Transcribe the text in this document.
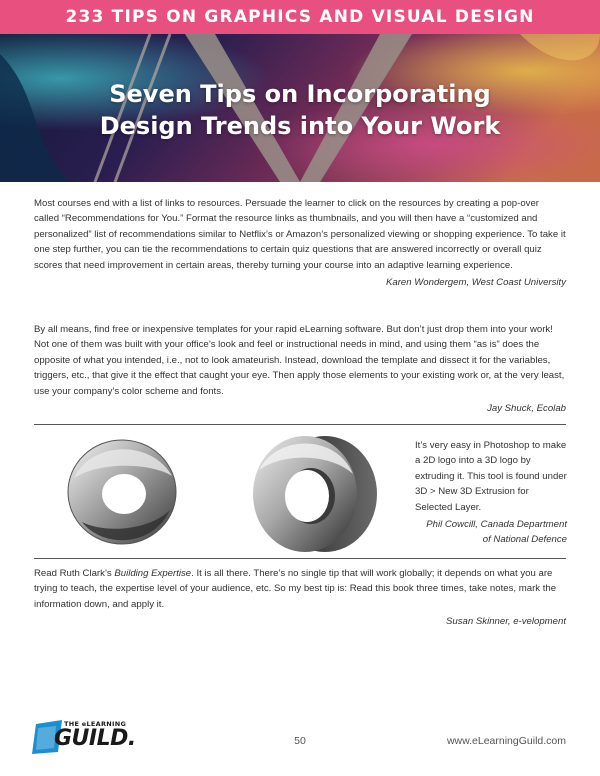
233 TIPS ON GRAPHICS AND VISUAL DESIGN
Seven Tips on Incorporating
Design Trends into Your Work

Most courses end with a list of links to resources. Persuade the learner to click on the resources by creating a pop-over called “Recommendations for You.” Format the resource links as thumbnails, and you will then have a “customized and personalized” list of recommendations similar to Netflix’s or Amazon’s personalized viewing or shopping experience. To take it one step further, you can tie the recommendations to certain quiz questions that are answered incorrectly or overall quiz scores that need improvement in certain areas, thereby turning your course into an adaptive learning experience.

Karen Wondergem, West Coast University

By all means, find free or inexpensive templates for your rapid eLearning software. But don’t just drop them into your work! Not one of them was built with your office’s look and feel or instructional needs in mind, and using them “as is” does the opposite of what you intended, i.e., not to look amateurish. Instead, download the template and dissect it for the variables, triggers, etc., that give it the effect that caught your eye. Then apply those elements to your existing work or, at the very least, use your company’s color scheme and fonts.

Jay Shuck, Ecolab

It’s very easy in Photoshop to make a 2D logo into a 3D logo by extruding it. This tool is found under 3D > New 3D Extrusion for Selected Layer.
Phil Cowcill, Canada Department
of National Defence

Read Ruth Clark’s Building Expertise. It is all there. There’s no single tip that will work globally; it depends on what you are trying to teach, the expertise level of your audience, etc. So my best tip is: Read this book three times, take notes, mark the information down, and apply it.

Susan Skinner, e-velopment

THE eLEARNING
GUILD.	50	www.eLearningGuild.com
